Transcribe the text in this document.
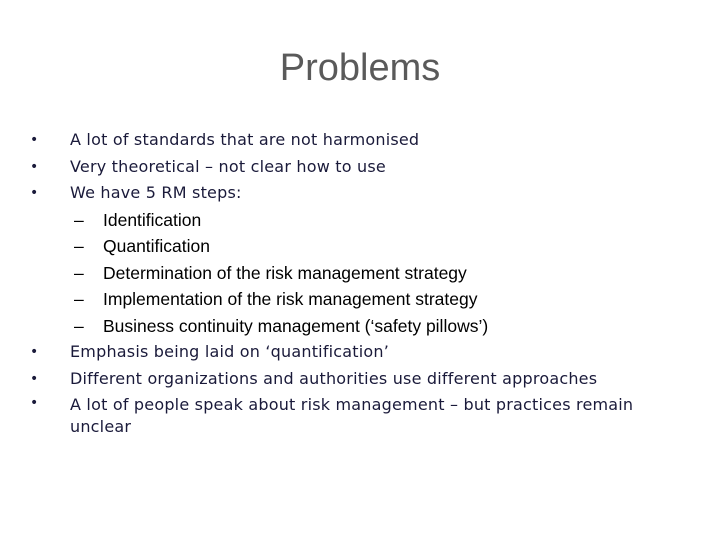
Problems
•	A lot of standards that are not harmonised
•	Very theoretical – not clear how to use
•	We have 5 RM steps:
– Identification
– Quantification
– Determination of the risk management strategy
– Implementation of the risk management strategy
– Business continuity management (‘safety pillows’)
•	Emphasis being laid on ‘quantification’
•	Different organizations and authorities use different approaches
•	A lot of people speak about risk management – but practices remain unclear
